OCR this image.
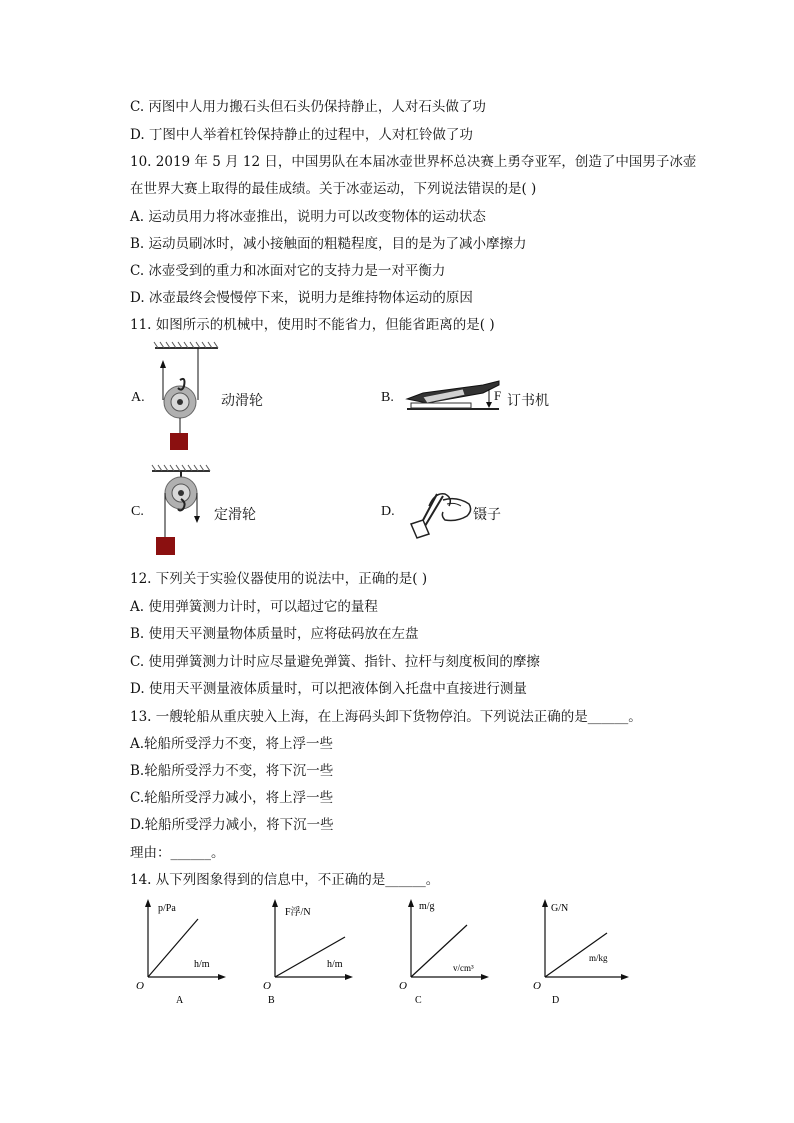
C. 丙图中人用力搬石头但石头仍保持静止，人对石头做了功
D. 丁图中人举着杠铃保持静止的过程中，人对杠铃做了功
10. 2019 年 5 月 12 日，中国男队在本届冰壶世界杯总决赛上勇夺亚军，创造了中国男子冰壶
在世界大赛上取得的最佳成绩。关于冰壶运动，下列说法错误的是( )
A. 运动员用力将冰壶推出，说明力可以改变物体的运动状态
B. 运动员刷冰时，减小接触面的粗糙程度，目的是为了减小摩擦力
C. 冰壶受到的重力和冰面对它的支持力是一对平衡力
D. 冰壶最终会慢慢停下来，说明力是维持物体运动的原因
11. 如图所示的机械中，使用时不能省力，但能省距离的是( )
A.	动滑轮	B.	F 订书机
C.	定滑轮	D.	镊子
12. 下列关于实验仪器使用的说法中，正确的是( )
A. 使用弹簧测力计时，可以超过它的量程
B. 使用天平测量物体质量时，应将砝码放在左盘
C. 使用弹簧测力计时应尽量避免弹簧、指针、拉杆与刻度板间的摩擦
D. 使用天平测量液体质量时，可以把液体倒入托盘中直接进行测量
13. 一艘轮船从重庆驶入上海，在上海码头卸下货物停泊。下列说法正确的是______。
A.轮船所受浮力不变，将上浮一些
B.轮船所受浮力不变，将下沉一些
C.轮船所受浮力减小，将上浮一些
D.轮船所受浮力减小，将下沉一些
理由：______。
14. 从下列图象得到的信息中，不正确的是______。
p/Pa
h/m
O
A
F浮/N
h/m
O
B
m/g
v/cm³
O
C
G/N
m/kg
O
D
